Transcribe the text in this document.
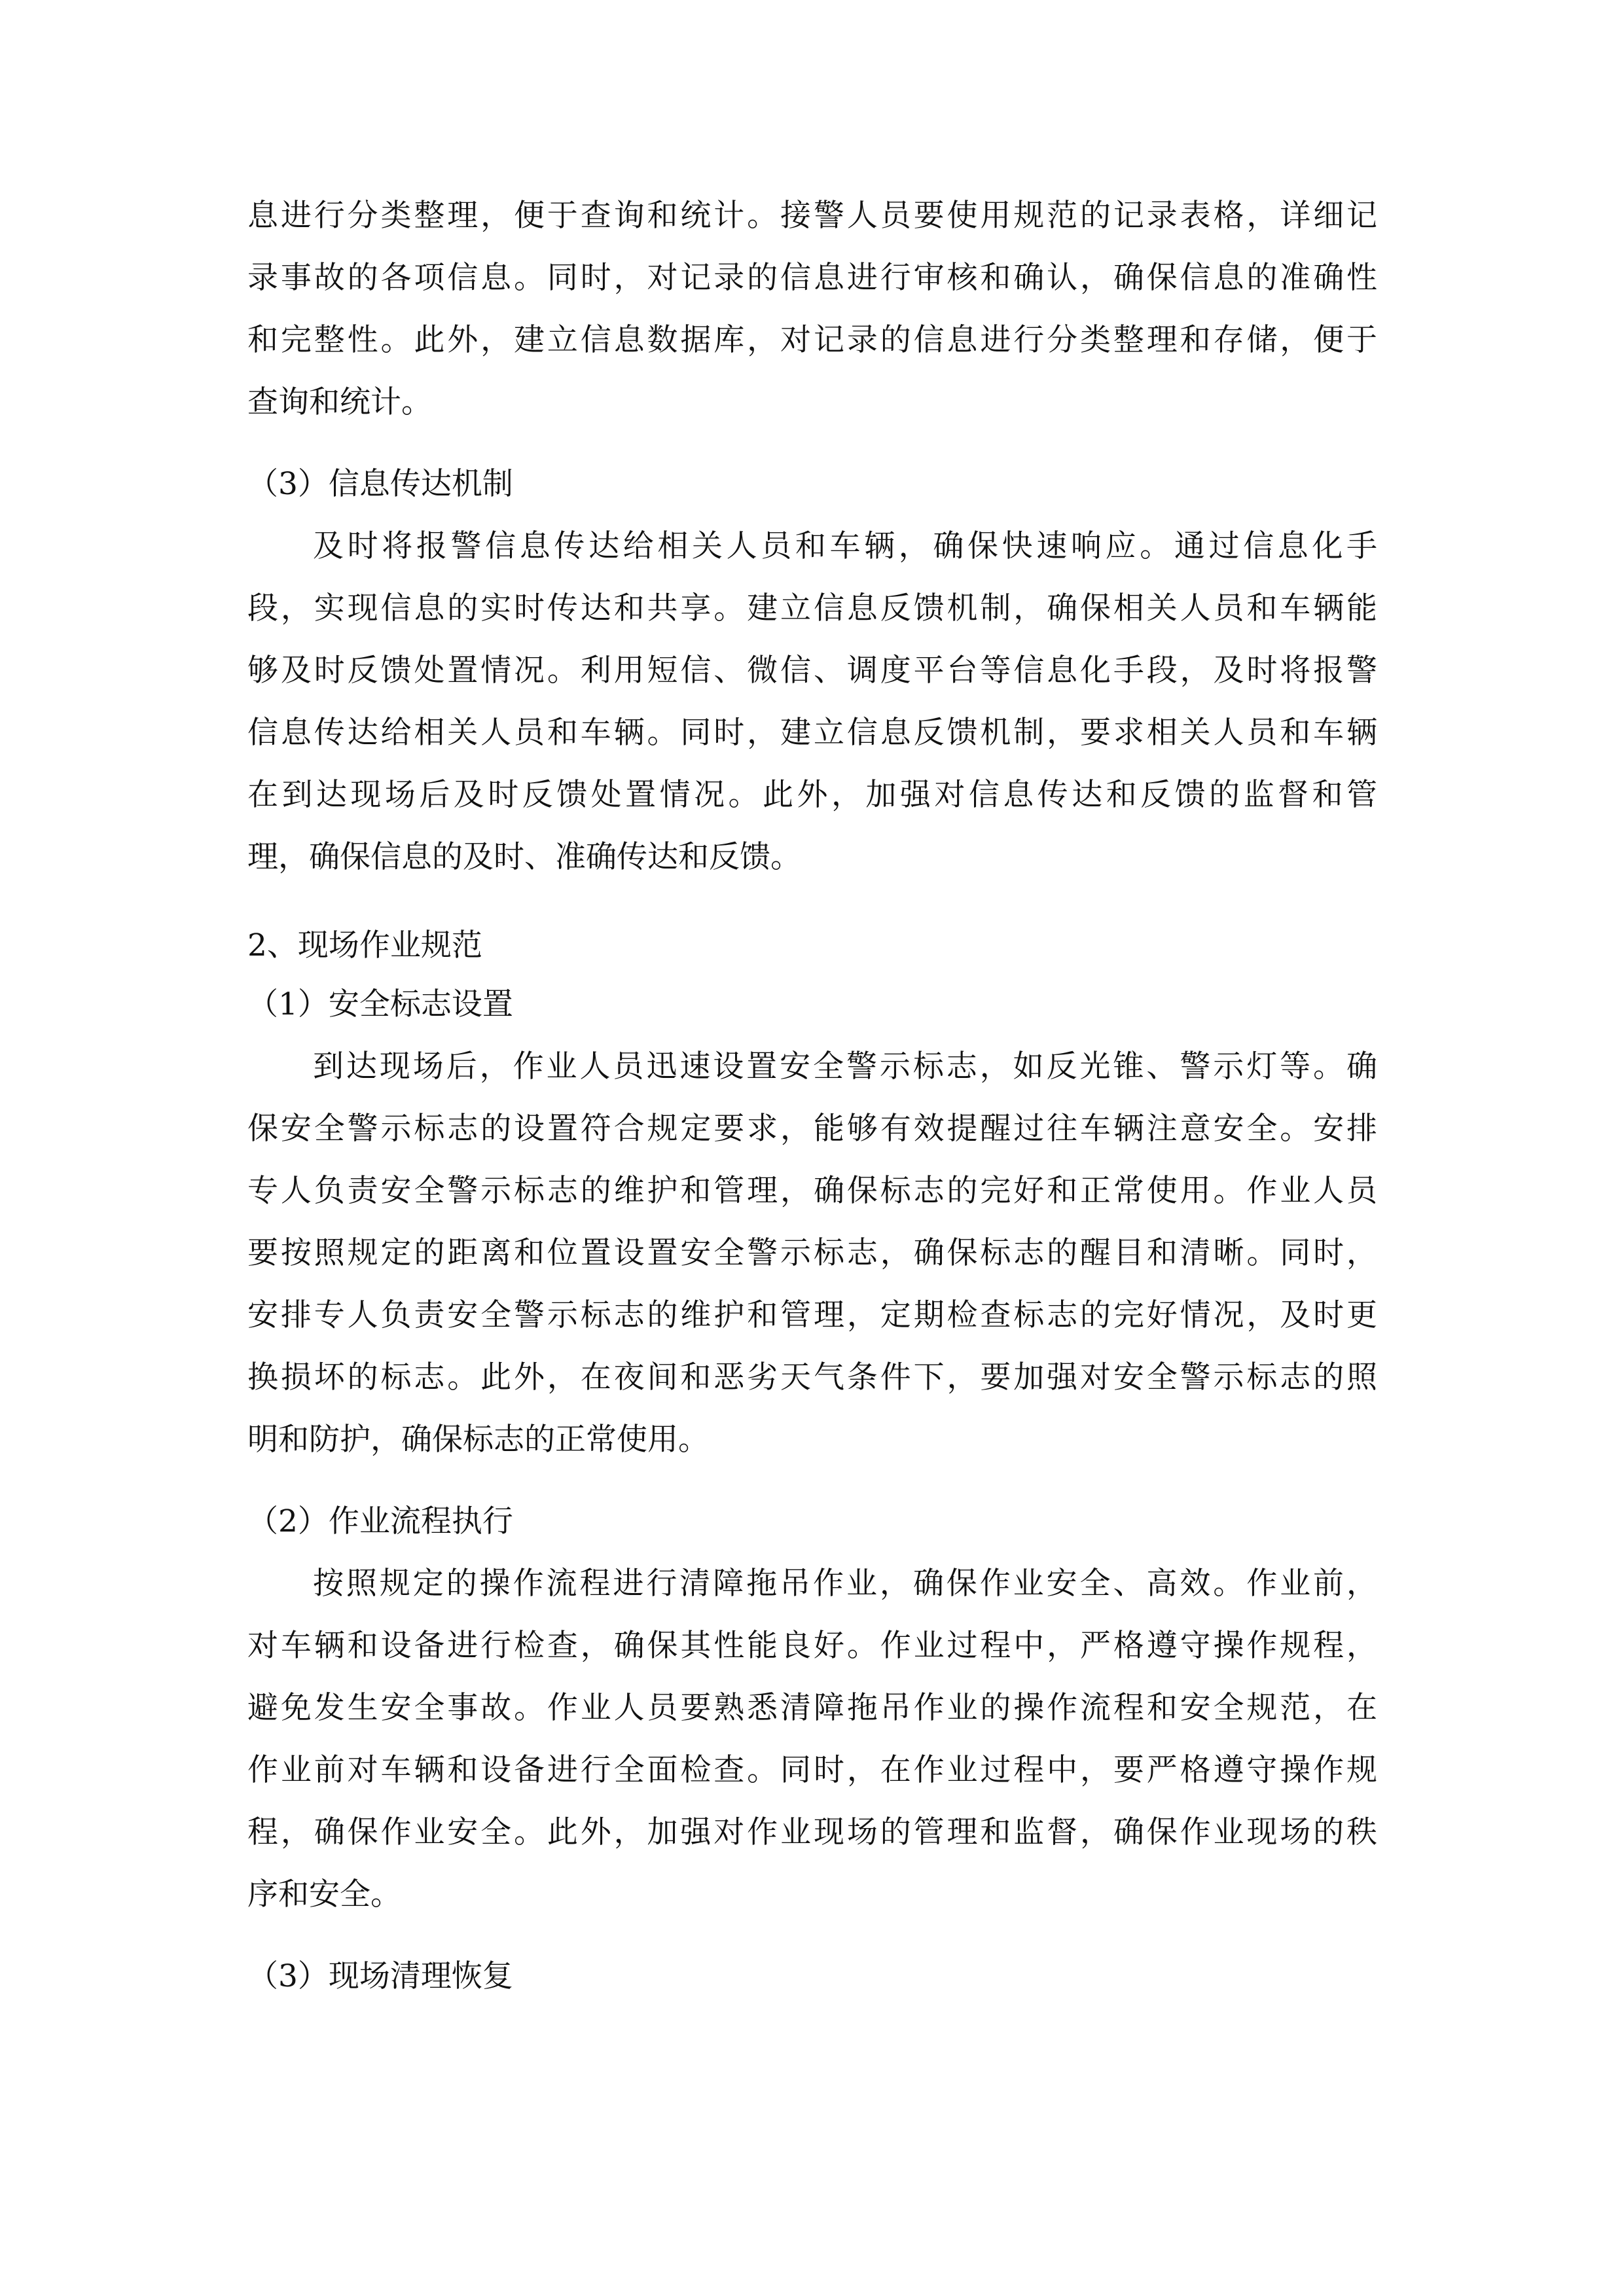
息进行分类整理，便于查询和统计。接警人员要使用规范的记录表格，详细记
录事故的各项信息。同时，对记录的信息进行审核和确认，确保信息的准确性
和完整性。此外，建立信息数据库，对记录的信息进行分类整理和存储，便于
查询和统计。
（3）信息传达机制
及时将报警信息传达给相关人员和车辆，确保快速响应。通过信息化手
段，实现信息的实时传达和共享。建立信息反馈机制，确保相关人员和车辆能
够及时反馈处置情况。利用短信、微信、调度平台等信息化手段，及时将报警
信息传达给相关人员和车辆。同时，建立信息反馈机制，要求相关人员和车辆
在到达现场后及时反馈处置情况。此外，加强对信息传达和反馈的监督和管
理，确保信息的及时、准确传达和反馈。
2、现场作业规范
（1）安全标志设置
到达现场后，作业人员迅速设置安全警示标志，如反光锥、警示灯等。确
保安全警示标志的设置符合规定要求，能够有效提醒过往车辆注意安全。安排
专人负责安全警示标志的维护和管理，确保标志的完好和正常使用。作业人员
要按照规定的距离和位置设置安全警示标志，确保标志的醒目和清晰。同时，
安排专人负责安全警示标志的维护和管理，定期检查标志的完好情况，及时更
换损坏的标志。此外，在夜间和恶劣天气条件下，要加强对安全警示标志的照
明和防护，确保标志的正常使用。
（2）作业流程执行
按照规定的操作流程进行清障拖吊作业，确保作业安全、高效。作业前，
对车辆和设备进行检查，确保其性能良好。作业过程中，严格遵守操作规程，
避免发生安全事故。作业人员要熟悉清障拖吊作业的操作流程和安全规范，在
作业前对车辆和设备进行全面检查。同时，在作业过程中，要严格遵守操作规
程，确保作业安全。此外，加强对作业现场的管理和监督，确保作业现场的秩
序和安全。
（3）现场清理恢复
